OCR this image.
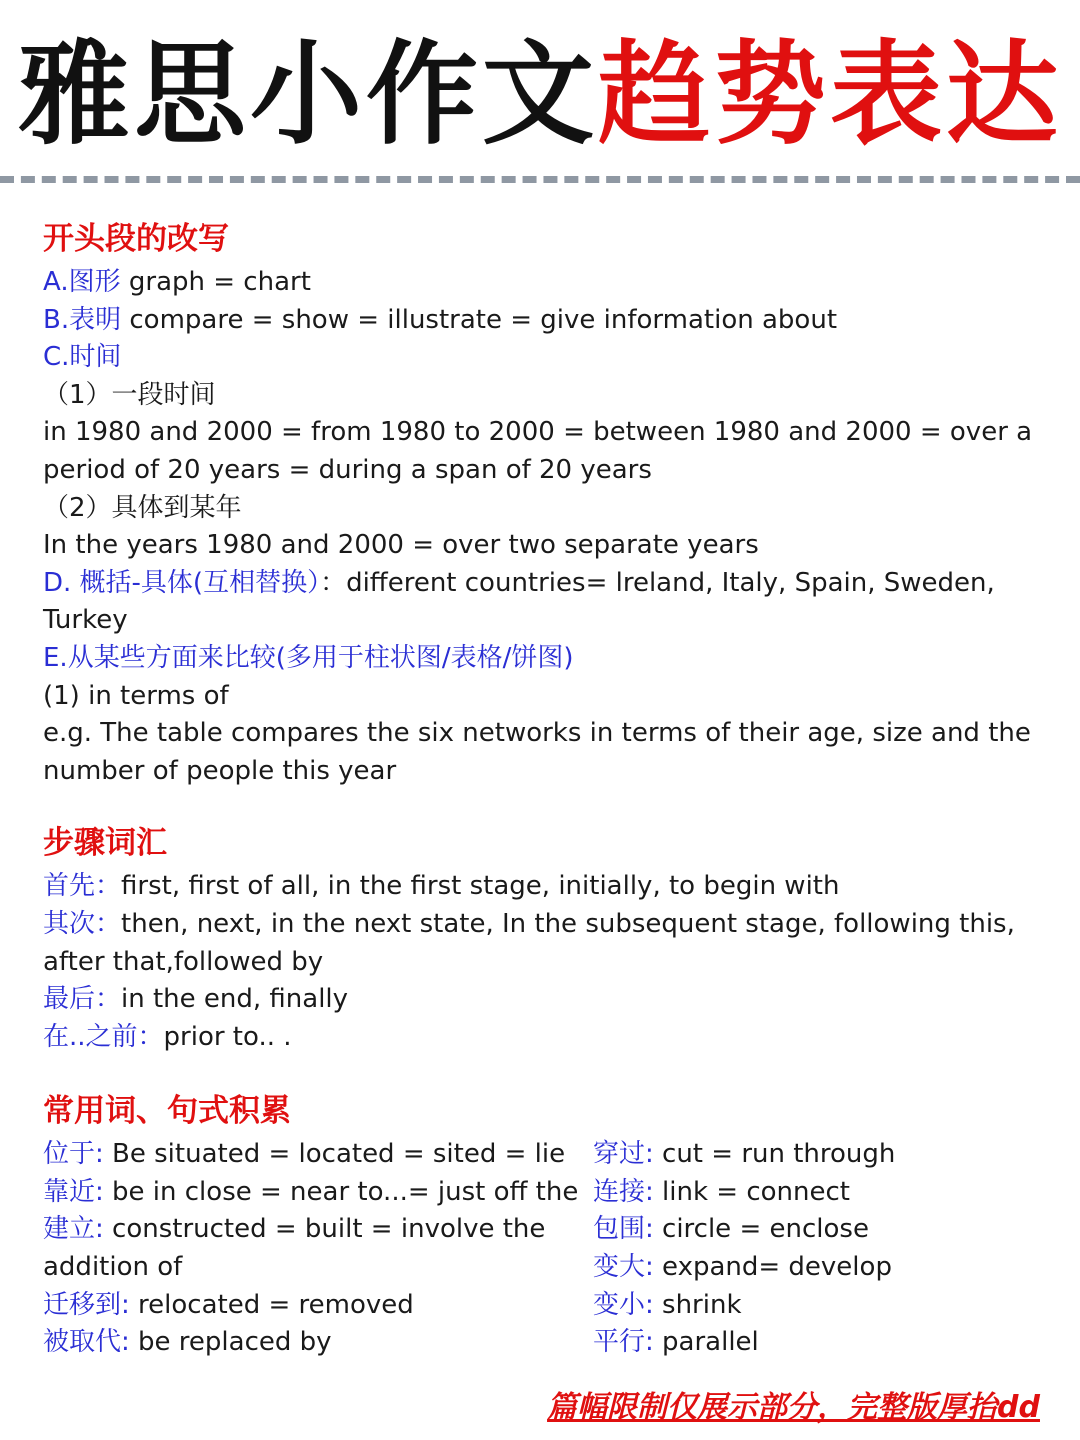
雅思小作文趋势表达
开头段的改写
A.图形 graph = chart
B.表明 compare = show = illustrate = give information about
C.时间
（1）一段时间
in 1980 and 2000 = from 1980 to 2000 = between 1980 and 2000 = over a period of 20 years = during a span of 20 years
（2）具体到某年
In the years 1980 and 2000 = over two separate years
D. 概括-具体(互相替换）：different countries= lreland, Italy, Spain, Sweden, Turkey
E.从某些方面来比较(多用于柱状图/表格/饼图)
(1) in terms of
e.g. The table compares the six networks in terms of their age, size and the number of people this year
步骤词汇
首先：first, first of all, in the first stage, initially, to begin with
其次：then, next, in the next state, In the subsequent stage, following this, after that,followed by
最后：in the end, finally
在..之前：prior to.. .
常用词、句式积累
位于: Be situated = located = sited = lie
靠近: be in close = near to...= just off the
建立: constructed = built = involve the addition of
迁移到: relocated = removed
被取代: be replaced by
穿过: cut = run through
连接: link = connect
包围: circle = enclose
变大: expand= develop
变小: shrink
平行: parallel
篇幅限制仅展示部分，完整版厚抬dd
